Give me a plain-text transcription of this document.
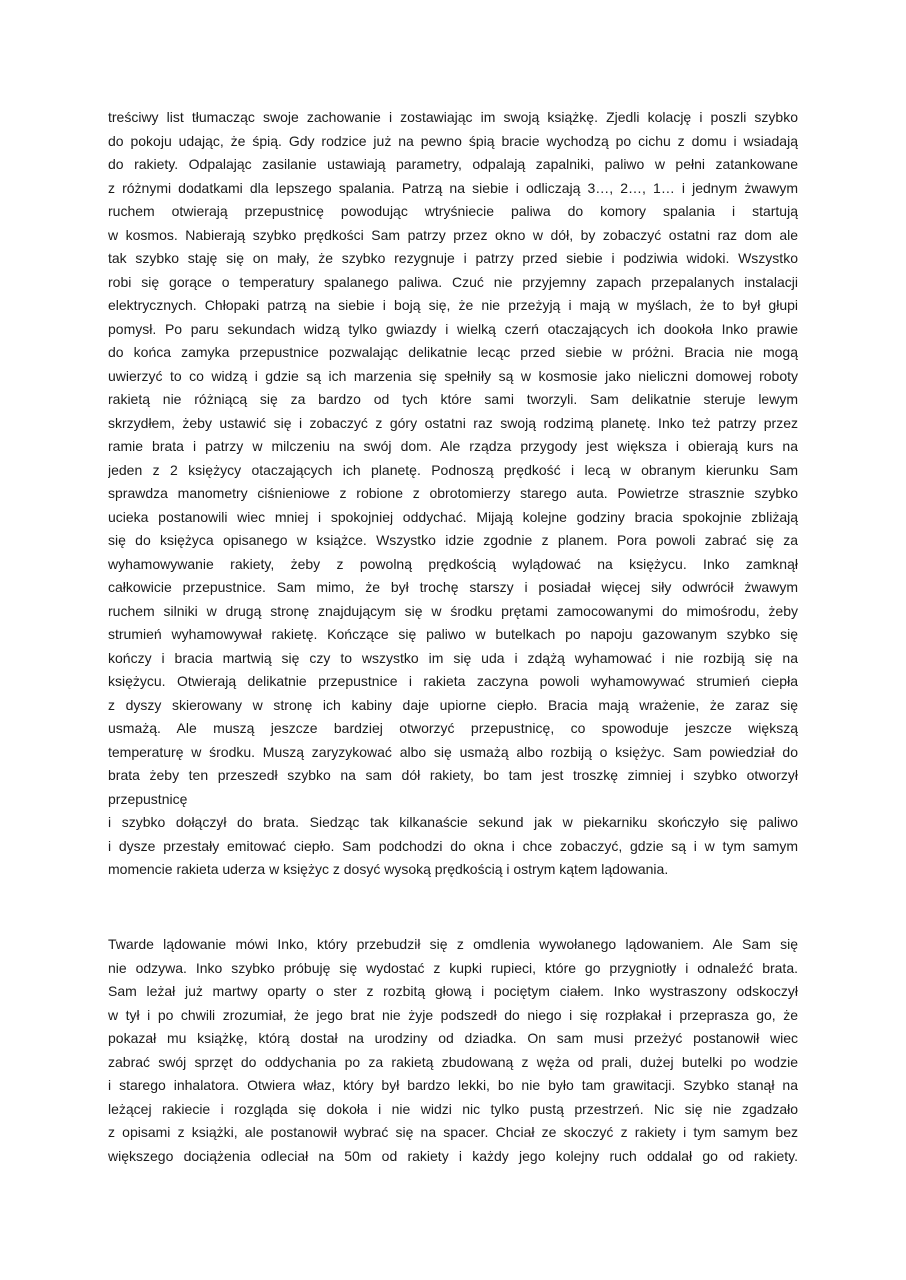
treściwy list tłumacząc swoje zachowanie i zostawiając im swoją książkę. Zjedli kolację i poszli szybko
do pokoju udając, że śpią. Gdy rodzice już na pewno śpią bracie wychodzą po cichu z domu i wsiadają
do rakiety. Odpalając zasilanie ustawiają parametry, odpalają zapalniki, paliwo w pełni zatankowane
z różnymi dodatkami dla lepszego spalania. Patrzą na siebie i odliczają 3…, 2…, 1… i jednym żwawym
ruchem otwierają przepustnicę powodując wtryśniecie paliwa do komory spalania i startują
w kosmos. Nabierają szybko prędkości Sam patrzy przez okno w dół, by zobaczyć ostatni raz dom ale
tak szybko staję się on mały, że szybko rezygnuje i patrzy przed siebie i podziwia widoki. Wszystko
robi się gorące o temperatury spalanego paliwa. Czuć nie przyjemny zapach przepalanych instalacji
elektrycznych. Chłopaki patrzą na siebie i boją się, że nie przeżyją i mają w myślach, że to był głupi
pomysł. Po paru sekundach widzą tylko gwiazdy i wielką czerń otaczających ich dookoła Inko prawie
do końca zamyka przepustnice pozwalając delikatnie lecąc przed siebie w próżni. Bracia nie mogą
uwierzyć to co widzą i gdzie są ich marzenia się spełniły są w kosmosie jako nieliczni domowej roboty
rakietą nie różniącą się za bardzo od tych które sami tworzyli. Sam delikatnie steruje lewym
skrzydłem, żeby ustawić się i zobaczyć z góry ostatni raz swoją rodzimą planetę. Inko też patrzy przez
ramie brata i patrzy w milczeniu na swój dom. Ale rządza przygody jest większa i obierają kurs na
jeden z 2 księżycy otaczających ich planetę. Podnoszą prędkość i lecą w obranym kierunku Sam
sprawdza manometry ciśnieniowe z robione z obrotomierzy starego auta. Powietrze strasznie szybko
ucieka postanowili wiec mniej i spokojniej oddychać. Mijają kolejne godziny bracia spokojnie zbliżają
się do księżyca opisanego w książce. Wszystko idzie zgodnie z planem. Pora powoli zabrać się za
wyhamowywanie rakiety, żeby z powolną prędkością wylądować na księżycu. Inko zamknął
całkowicie przepustnice. Sam mimo, że był trochę starszy i posiadał więcej siły odwrócił żwawym
ruchem silniki w drugą stronę znajdującym się w środku prętami zamocowanymi do mimośrodu, żeby
strumień wyhamowywał rakietę. Kończące się paliwo w butelkach po napoju gazowanym szybko się
kończy i bracia martwią się czy to wszystko im się uda i zdążą wyhamować i nie rozbiją się na
księżycu. Otwierają delikatnie przepustnice i rakieta zaczyna powoli wyhamowywać strumień ciepła
z dyszy skierowany w stronę ich kabiny daje upiorne ciepło. Bracia mają wrażenie, że zaraz się
usmażą. Ale muszą jeszcze bardziej otworzyć przepustnicę, co spowoduje jeszcze większą
temperaturę w środku. Muszą zaryzykować albo się usmażą albo rozbiją o księżyc. Sam powiedział do
brata żeby ten przeszedł szybko na sam dół rakiety, bo tam jest troszkę zimniej i szybko otworzył
przepustnicę
i szybko dołączył do brata. Siedząc tak kilkanaście sekund jak w piekarniku skończyło się paliwo
i dysze przestały emitować ciepło. Sam podchodzi do okna i chce zobaczyć, gdzie są i w tym samym
momencie rakieta uderza w księżyc z dosyć wysoką prędkością i ostrym kątem lądowania.
Twarde lądowanie mówi Inko, który przebudził się z omdlenia wywołanego lądowaniem. Ale Sam się
nie odzywa. Inko szybko próbuję się wydostać z kupki rupieci, które go przygniotły i odnaleźć brata.
Sam leżał już martwy oparty o ster z rozbitą głową i pociętym ciałem. Inko wystraszony odskoczył
w tył i po chwili zrozumiał, że jego brat nie żyje podszedł do niego i się rozpłakał i przeprasza go, że
pokazał mu książkę, którą dostał na urodziny od dziadka. On sam musi przeżyć postanowił wiec
zabrać swój sprzęt do oddychania po za rakietą zbudowaną z węża od prali, dużej butelki po wodzie
i starego inhalatora. Otwiera właz, który był bardzo lekki, bo nie było tam grawitacji. Szybko stanął na
leżącej rakiecie i rozgląda się dokoła i nie widzi nic tylko pustą przestrzeń. Nic się nie zgadzało
z opisami z książki, ale postanowił wybrać się na spacer. Chciał ze skoczyć z rakiety i tym samym bez
większego dociążenia odleciał na 50m od rakiety i każdy jego kolejny ruch oddalał go od rakiety.
